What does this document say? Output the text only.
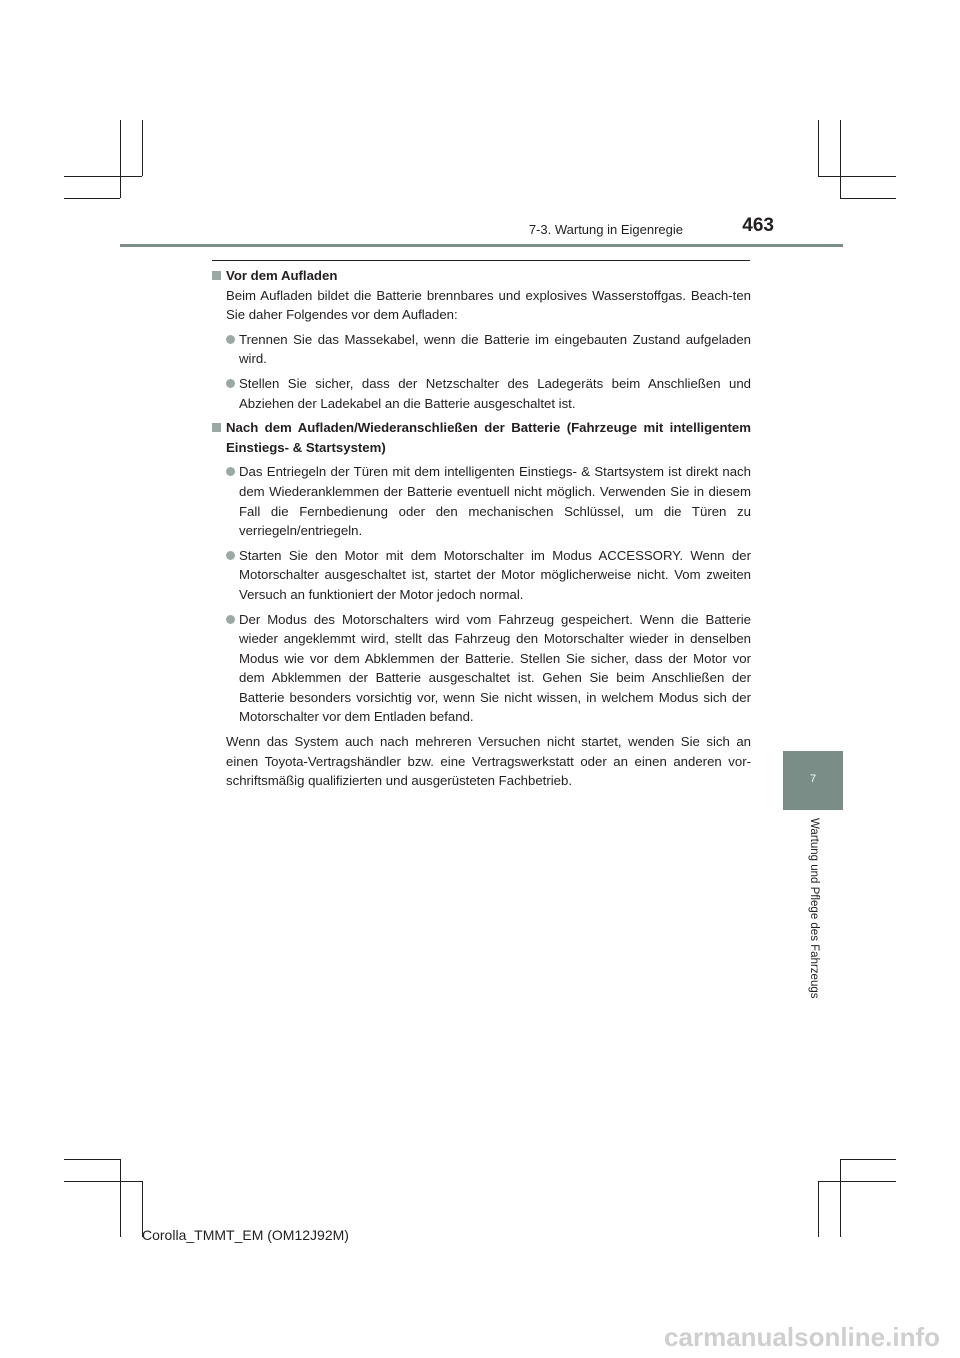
7-3. Wartung in Eigenregie	463
Vor dem Aufladen
Beim Aufladen bildet die Batterie brennbares und explosives Wasserstoffgas. Beach-ten Sie daher Folgendes vor dem Aufladen:
Trennen Sie das Massekabel, wenn die Batterie im eingebauten Zustand aufgeladen wird.
Stellen Sie sicher, dass der Netzschalter des Ladegeräts beim Anschließen und Abziehen der Ladekabel an die Batterie ausgeschaltet ist.
Nach dem Aufladen/Wiederanschließen der Batterie (Fahrzeuge mit intelligentem Einstiegs- & Startsystem)
Das Entriegeln der Türen mit dem intelligenten Einstiegs- & Startsystem ist direkt nach dem Wiederanklemmen der Batterie eventuell nicht möglich. Verwenden Sie in diesem Fall die Fernbedienung oder den mechanischen Schlüssel, um die Türen zu verriegeln/entriegeln.
Starten Sie den Motor mit dem Motorschalter im Modus ACCESSORY. Wenn der Motorschalter ausgeschaltet ist, startet der Motor möglicherweise nicht. Vom zweiten Versuch an funktioniert der Motor jedoch normal.
Der Modus des Motorschalters wird vom Fahrzeug gespeichert. Wenn die Batterie wieder angeklemmt wird, stellt das Fahrzeug den Motorschalter wieder in denselben Modus wie vor dem Abklemmen der Batterie. Stellen Sie sicher, dass der Motor vor dem Abklemmen der Batterie ausgeschaltet ist. Gehen Sie beim Anschließen der Batterie besonders vorsichtig vor, wenn Sie nicht wissen, in welchem Modus sich der Motorschalter vor dem Entladen befand.
Wenn das System auch nach mehreren Versuchen nicht startet, wenden Sie sich an einen Toyota-Vertragshändler bzw. eine Vertragswerkstatt oder an einen anderen vor-schriftsmäßig qualifizierten und ausgerüsteten Fachbetrieb.	7
Wartung und Pflege des Fahrzeugs
Corolla_TMMT_EM (OM12J92M)
carmanualsonline.info
